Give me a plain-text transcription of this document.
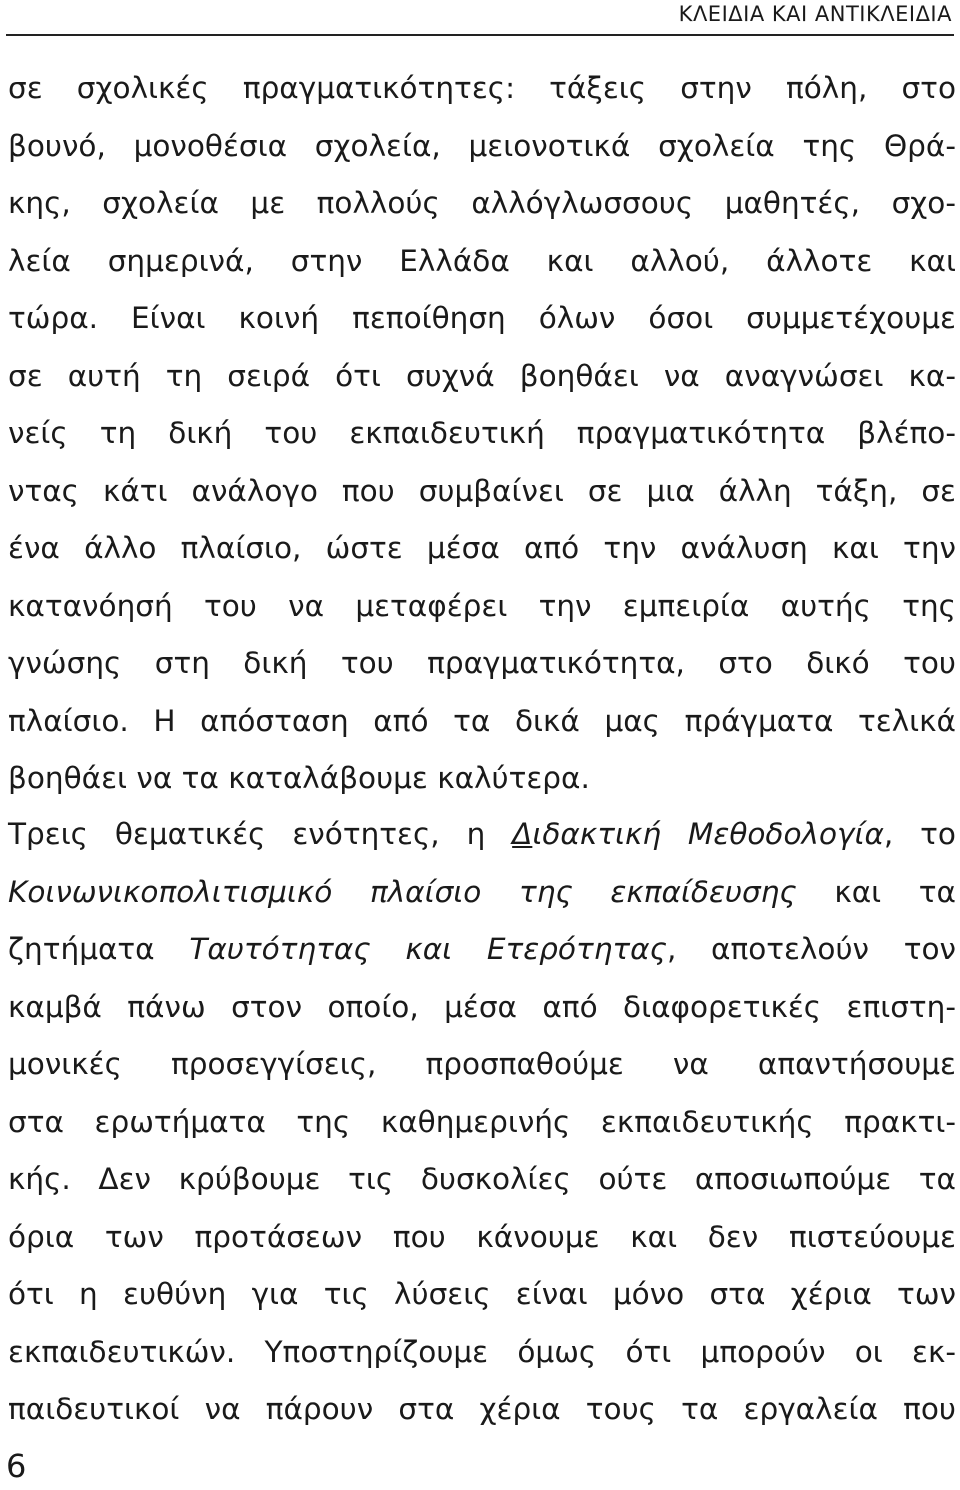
ΚΛΕΙΔΙΑ ΚΑΙ ΑΝΤΙΚΛΕΙΔΙΑ
σε σχολικές πραγματικότητες: τάξεις στην πόλη, στο
βουνό, μονοθέσια σχολεία, μειονοτικά σχολεία της Θρά-
κης, σχολεία με πολλούς αλλόγλωσσους μαθητές, σχο-
λεία σημερινά, στην Ελλάδα και αλλού, άλλοτε και
τώρα. Είναι κοινή πεποίθηση όλων όσοι συμμετέχουμε
σε αυτή τη σειρά ότι συχνά βοηθάει να αναγνώσει κα-
νείς τη δική του εκπαιδευτική πραγματικότητα βλέπο-
ντας κάτι ανάλογο που συμβαίνει σε μια άλλη τάξη, σε
ένα άλλο πλαίσιο, ώστε μέσα από την ανάλυση και την
κατανόησή του να μεταφέρει την εμπειρία αυτής της
γνώσης στη δική του πραγματικότητα, στο δικό του
πλαίσιο. Η απόσταση από τα δικά μας πράγματα τελικά
βοηθάει να τα καταλάβουμε καλύτερα.
Τρεις θεματικές ενότητες, η Διδακτική Μεθοδολογία, το
Κοινωνικοπολιτισμικό πλαίσιο της εκπαίδευσης και τα
ζητήματα Ταυτότητας και Ετερότητας, αποτελούν τον
καμβά πάνω στον οποίο, μέσα από διαφορετικές επιστη-
μονικές προσεγγίσεις, προσπαθούμε να απαντήσουμε
στα ερωτήματα της καθημερινής εκπαιδευτικής πρακτι-
κής. Δεν κρύβουμε τις δυσκολίες ούτε αποσιωπούμε τα
όρια των προτάσεων που κάνουμε και δεν πιστεύουμε
ότι η ευθύνη για τις λύσεις είναι μόνο στα χέρια των
εκπαιδευτικών. Υποστηρίζουμε όμως ότι μπορούν οι εκ-
παιδευτικοί να πάρουν στα χέρια τους τα εργαλεία που
6
